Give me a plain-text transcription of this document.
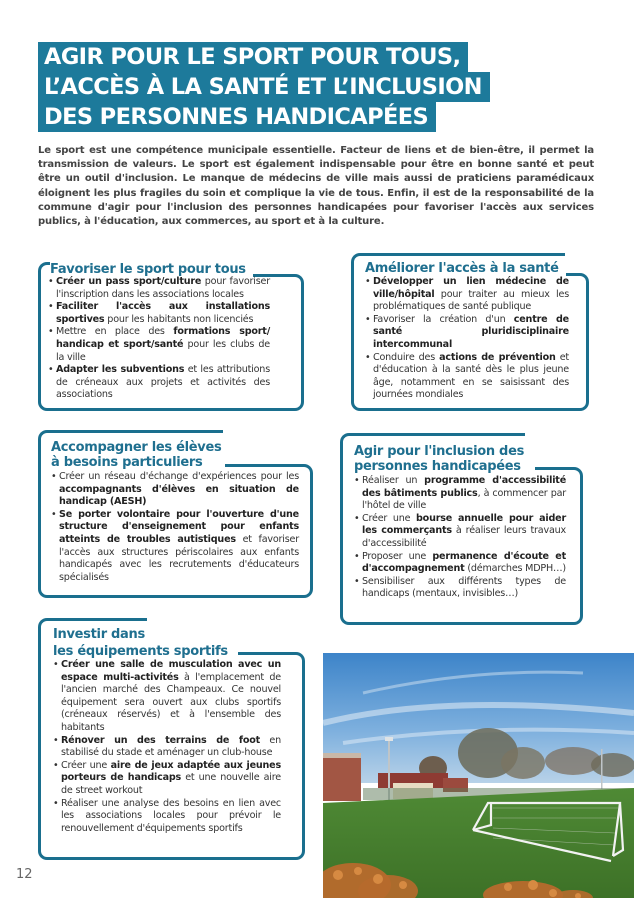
AGIR POUR LE SPORT POUR TOUS,
L’ACCÈS À LA SANTÉ ET L’INCLUSION
DES PERSONNES HANDICAPÉES
Le sport est une compétence municipale essentielle. Facteur de liens et de bien-être, il permet la transmission de valeurs. Le sport est également indispensable pour être en bonne santé et peut être un outil d'inclusion. Le manque de médecins de ville mais aussi de praticiens paramédicaux éloignent les plus fragiles du soin et complique la vie de tous. Enfin, il est de la responsabilité de la commune d'agir pour l'inclusion des personnes handicapées pour favoriser l'accès aux services publics, à l'éducation, aux commerces, au sport et à la culture.
Favoriser le sport pour tous
• Créer un pass sport/culture pour favoriser l'inscription dans les associations locales
• Faciliter l'accès aux installations sportives pour les habitants non licenciés
• Mettre en place des formations sport/ handicap et sport/santé pour les clubs de la ville
• Adapter les subventions et les attributions de créneaux aux projets et activités des associations
Améliorer l'accès à la santé
• Développer un lien médecine de ville/hôpital pour traiter au mieux les problématiques de santé publique
• Favoriser la création d'un centre de santé pluridisciplinaire intercommunal
• Conduire des actions de prévention et d'éducation à la santé dès le plus jeune âge, notamment en se saisissant des journées mondiales
Accompagner les élèves
à besoins particuliers
• Créer un réseau d'échange d'expériences pour les accompagnants d'élèves en situation de handicap (AESH)
• Se porter volontaire pour l'ouverture d'une structure d'enseignement pour enfants atteints de troubles autistiques et favoriser l'accès aux structures périscolaires aux enfants handicapés avec les recrutements d'éducateurs spécialisés
Agir pour l'inclusion des
personnes handicapées
• Réaliser un programme d'accessibilité des bâtiments publics, à commencer par l'hôtel de ville
• Créer une bourse annuelle pour aider les commerçants à réaliser leurs travaux d'accessibilité
• Proposer une permanence d'écoute et d'accompagnement (démarches MDPH…)
• Sensibiliser aux différents types de handicaps (mentaux, invisibles…)
Investir dans
les équipements sportifs
• Créer une salle de musculation avec un espace multi-activités à l'emplacement de l'ancien marché des Champeaux. Ce nouvel équipement sera ouvert aux clubs sportifs (créneaux réservés) et à l'ensemble des habitants
• Rénover un des terrains de foot en stabilisé du stade et aménager un club-house
• Créer une aire de jeux adaptée aux jeunes porteurs de handicaps et une nouvelle aire de street workout
• Réaliser une analyse des besoins en lien avec les associations locales pour prévoir le renouvellement d'équipements sportifs
12
